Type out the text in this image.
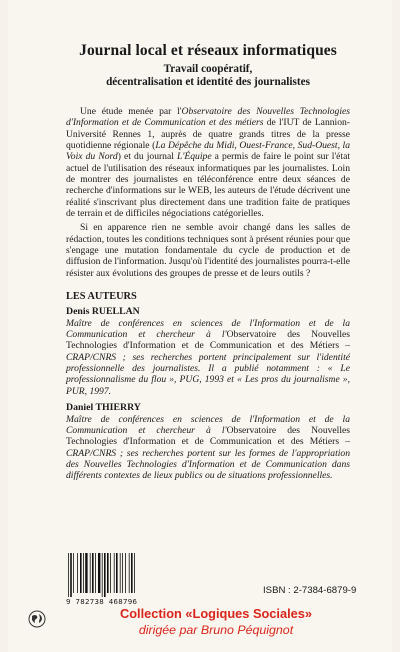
Journal local et réseaux informatiques
Travail coopératif,
décentralisation et identité des journalistes

Une étude menée par l'Observatoire des Nouvelles Technologies d'Information et de Communication et des métiers de l'IUT de Lannion-Université Rennes 1, auprès de quatre grands titres de la presse quotidienne régionale (La Dépêche du Midi, Ouest-France, Sud-Ouest, la Voix du Nord) et du journal L'Équipe a permis de faire le point sur l'état actuel de l'utilisation des réseaux informatiques par les journalistes. Loin de montrer des journalistes en téléconférence entre deux séances de recherche d'informations sur le WEB, les auteurs de l'étude décrivent une réalité s'inscrivant plus directement dans une tradition faite de pratiques de terrain et de difficiles négociations catégorielles.

Si en apparence rien ne semble avoir changé dans les salles de rédaction, toutes les conditions techniques sont à présent réunies pour que s'engage une mutation fondamentale du cycle de production et de diffusion de l'information. Jusqu'où l'identité des journalistes pourra-t-elle résister aux évolutions des groupes de presse et de leurs outils ?

LES AUTEURS

Denis RUELLAN

Maître de conférences en sciences de l'Information et de la Communication et chercheur à l'Observatoire des Nouvelles Technologies d'Information et de Communication et des Métiers – CRAP/CNRS ; ses recherches portent principalement sur l'identité professionnelle des journalistes. Il a publié notamment : « Le professionnalisme du flou », PUG, 1993 et « Les pros du journalisme », PUR, 1997.

Daniel THIERRY

Maître de conférences en sciences de l'Information et de la Communication et chercheur à l'Observatoire des Nouvelles Technologies d'Information et de Communication et des Métiers – CRAP/CNRS ; ses recherches portent sur les formes de l'appropriation des Nouvelles Technologies d'Information et de Communication dans différents contextes de lieux publics ou de situations professionnelles.

9 782738 468796
ISBN : 2-7384-6879-9
Collection «Logiques Sociales»
dirigée par Bruno Péquignot
